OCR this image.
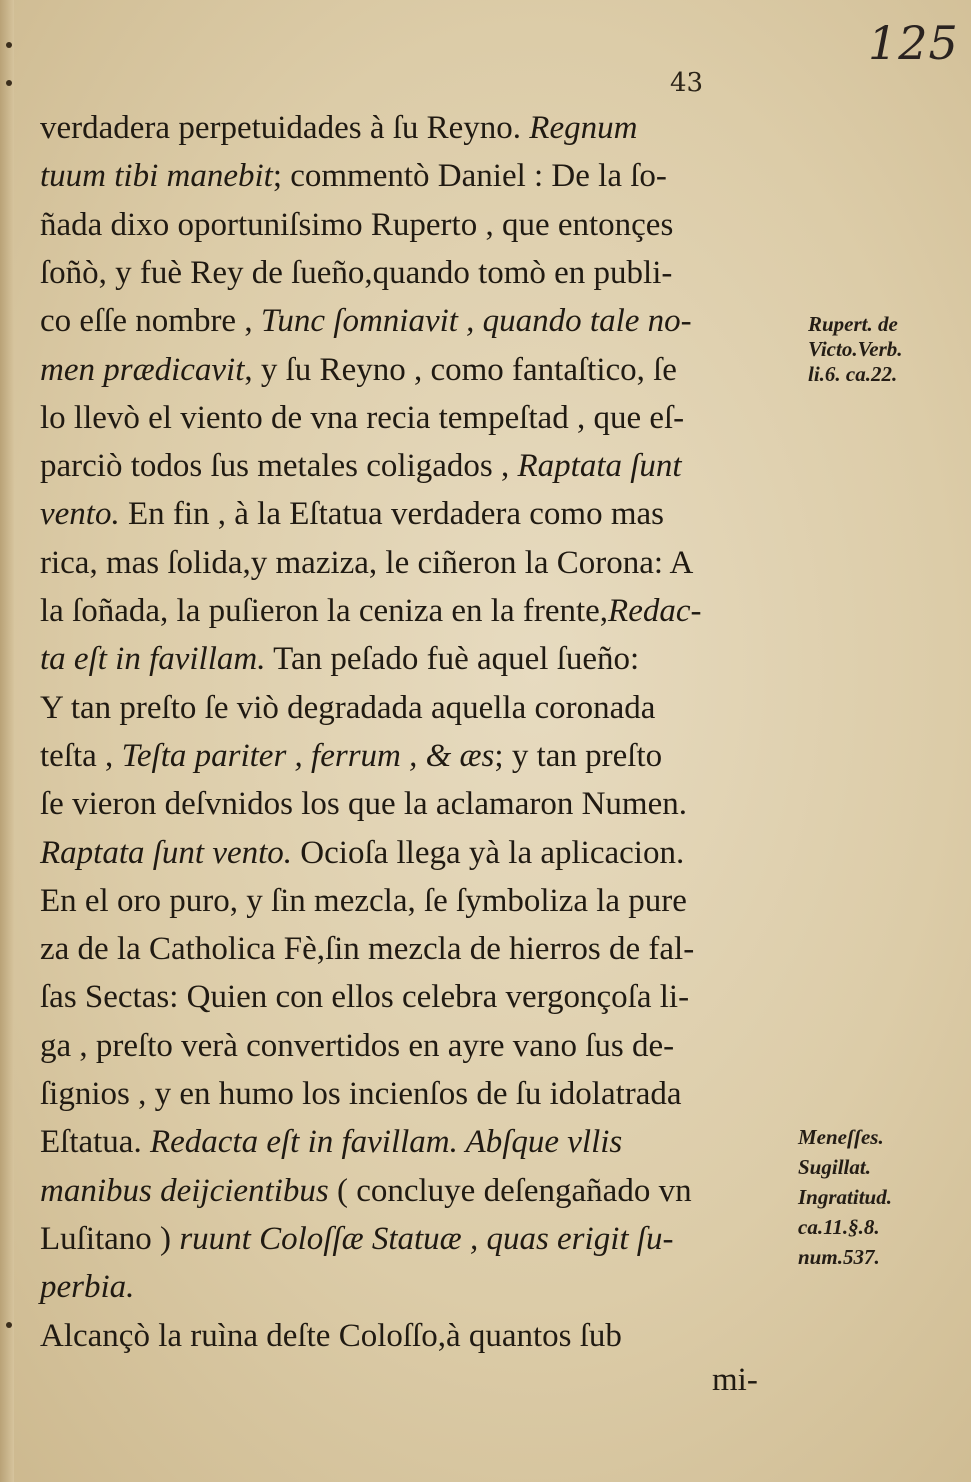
125
43
verdadera perpetuidades à ſu Reyno. Regnum
tuum tibi manebit; commentò Daniel : De la ſo-
ñada dixo oportuniſsimo Ruperto , que entonçes
ſoñò, y fuè Rey de ſueño,quando tomò en publi-
co eſſe nombre , Tunc ſomniavit , quando tale no-
men prædicavit, y ſu Reyno , como fantaſtico, ſe
lo llevò el viento de vna recia tempeſtad , que eſ-
parciò todos ſus metales coligados , Raptata ſunt
vento. En fin , à la Eſtatua verdadera como mas
rica, mas ſolida,y maziza, le ciñeron la Corona: A
la ſoñada, la puſieron la ceniza en la frente,Redac-
ta eſt in favillam. Tan peſado fuè aquel ſueño:
Y tan preſto ſe viò degradada aquella coronada
teſta , Teſta pariter , ferrum , & æs; y tan preſto
ſe vieron deſvnidos los que la aclamaron Numen.
Raptata ſunt vento. Ocioſa llega yà la aplicacion.
En el oro puro, y ſin mezcla, ſe ſymboliza la pure
za de la Catholica Fè,ſin mezcla de hierros de fal-
ſas Sectas: Quien con ellos celebra vergonçoſa li-
ga , preſto verà convertidos en ayre vano ſus de-
ſignios , y en humo los incienſos de ſu idolatrada
Eſtatua. Redacta eſt in favillam. Abſque vllis
manibus deijcientibus ( concluye deſengañado vn
Luſitano ) ruunt Coloſſæ Statuæ , quas erigit ſu-
perbia.
Alcançò la ruìna deſte Coloſſo,à quantos ſub
mi-
Rupert. de
Victo.Verb.
li.6. ca.22.
Meneſſes.
Sugillat.
Ingratitud.
ca.11.§.8.
num.537.
